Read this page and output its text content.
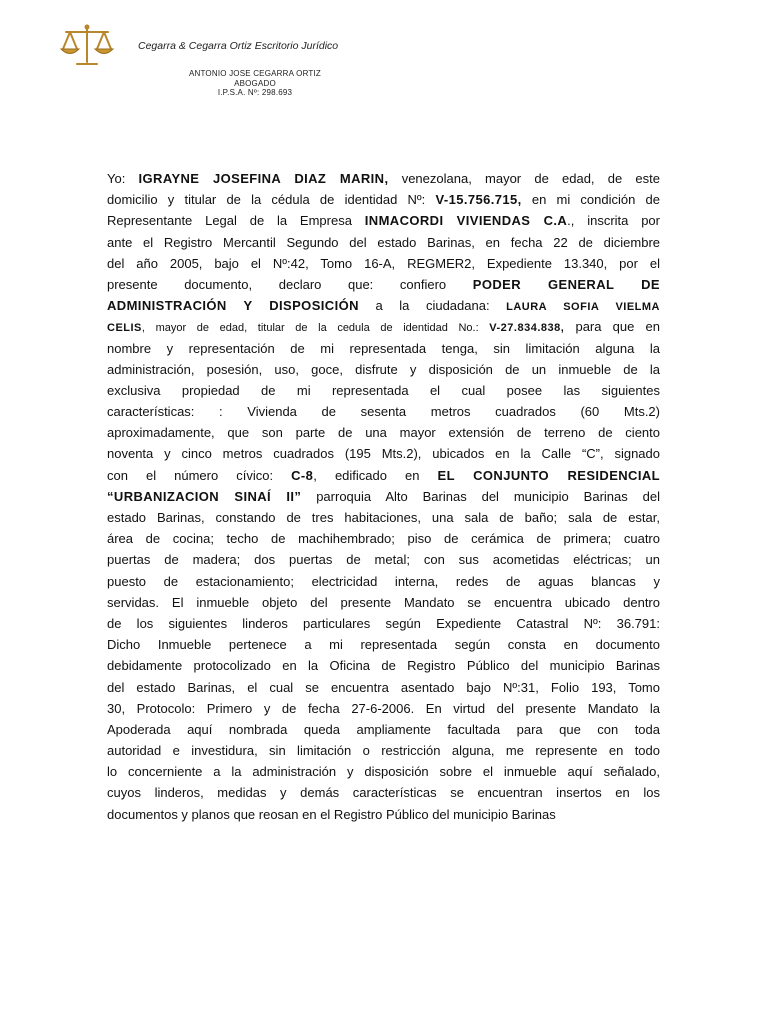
Cegarra & Cegarra Ortiz Escritorio Jurídico
ANTONIO JOSE CEGARRA ORTIZ
ABOGADO
I.P.S.A. Nº: 298.693
Yo: IGRAYNE JOSEFINA DIAZ MARIN, venezolana, mayor de edad, de este
domicilio y titular de la cédula de identidad Nº: V-15.756.715, en mi condición de
Representante Legal de la Empresa INMACORDI VIVIENDAS C.A., inscrita por
ante el Registro Mercantil Segundo del estado Barinas, en fecha 22 de diciembre
del año 2005, bajo el Nº:42, Tomo 16-A, REGMER2, Expediente 13.340, por el
presente documento, declaro que: confiero PODER GENERAL DE
ADMINISTRACIÓN Y DISPOSICIÓN a la ciudadana: LAURA SOFIA VIELMA
CELIS, mayor de edad, titular de la cedula de identidad No.: V-27.834.838, para que en
nombre y representación de mi representada tenga, sin limitación alguna la
administración, posesión, uso, goce, disfrute y disposición de un inmueble de la
exclusiva propiedad de mi representada el cual posee las siguientes
características: : Vivienda de sesenta metros cuadrados (60 Mts.2)
aproximadamente, que son parte de una mayor extensión de terreno de ciento
noventa y cinco metros cuadrados (195 Mts.2), ubicados en la Calle “C”, signado
con el número cívico: C-8, edificado en EL CONJUNTO RESIDENCIAL
“URBANIZACION SINAÍ II” parroquia Alto Barinas del municipio Barinas del
estado Barinas, constando de tres habitaciones, una sala de baño; sala de estar,
área de cocina; techo de machihembrado; piso de cerámica de primera; cuatro
puertas de madera; dos puertas de metal; con sus acometidas eléctricas; un
puesto de estacionamiento; electricidad interna, redes de aguas blancas y
servidas. El inmueble objeto del presente Mandato se encuentra ubicado dentro
de los siguientes linderos particulares según Expediente Catastral Nº: 36.791:
Dicho Inmueble pertenece a mi representada según consta en documento
debidamente protocolizado en la Oficina de Registro Público del municipio Barinas
del estado Barinas, el cual se encuentra asentado bajo Nº:31, Folio 193, Tomo
30, Protocolo: Primero y de fecha 27-6-2006. En virtud del presente Mandato la
Apoderada aquí nombrada queda ampliamente facultada para que con toda
autoridad e investidura, sin limitación o restricción alguna, me represente en todo
lo concerniente a la administración y disposición sobre el inmueble aquí señalado,
cuyos linderos, medidas y demás características se encuentran insertos en los
documentos y planos que reosan en el Registro Público del municipio Barinas
